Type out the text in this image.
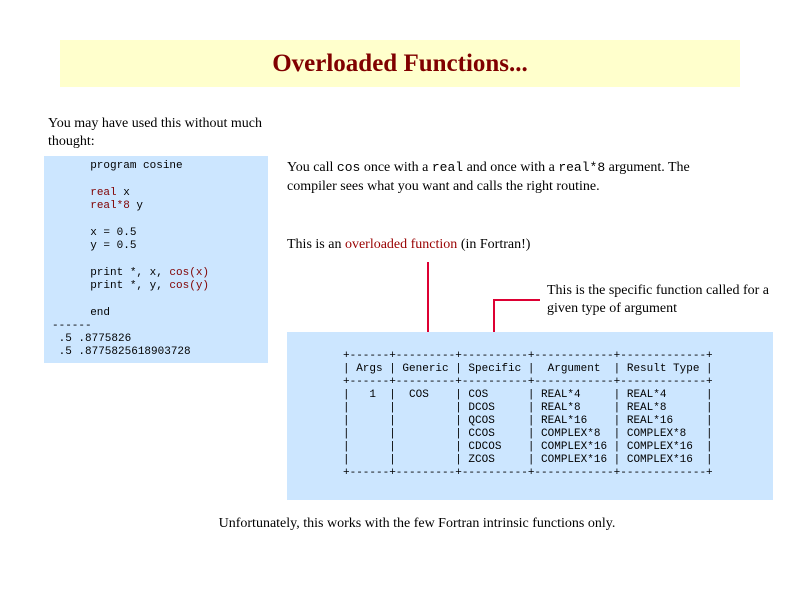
Overloaded Functions...
You may have used this without much thought:
program cosine
real x
real*8 y
x = 0.5
y = 0.5
print *, x, cos(x)
print *, y, cos(y)
end
------
.5 .8775826
.5 .8775825618903728
You call cos once with a real and once with a real*8 argument. The compiler sees what you want and calls the right routine.
This is an overloaded function (in Fortran!)
This is the specific function called for a given type of argument
+------+---------+----------+------------+-------------+
| Args | Generic | Specific |  Argument  | Result Type |
+------+---------+----------+------------+-------------+
|   1  |  COS    | COS      | REAL*4     | REAL*4      |
|      |         | DCOS     | REAL*8     | REAL*8      |
|      |         | QCOS     | REAL*16    | REAL*16     |
|      |         | CCOS     | COMPLEX*8  | COMPLEX*8   |
|      |         | CDCOS    | COMPLEX*16 | COMPLEX*16  |
|      |         | ZCOS     | COMPLEX*16 | COMPLEX*16  |
+------+---------+----------+------------+-------------+
Unfortunately, this works with the few Fortran intrinsic functions only.
